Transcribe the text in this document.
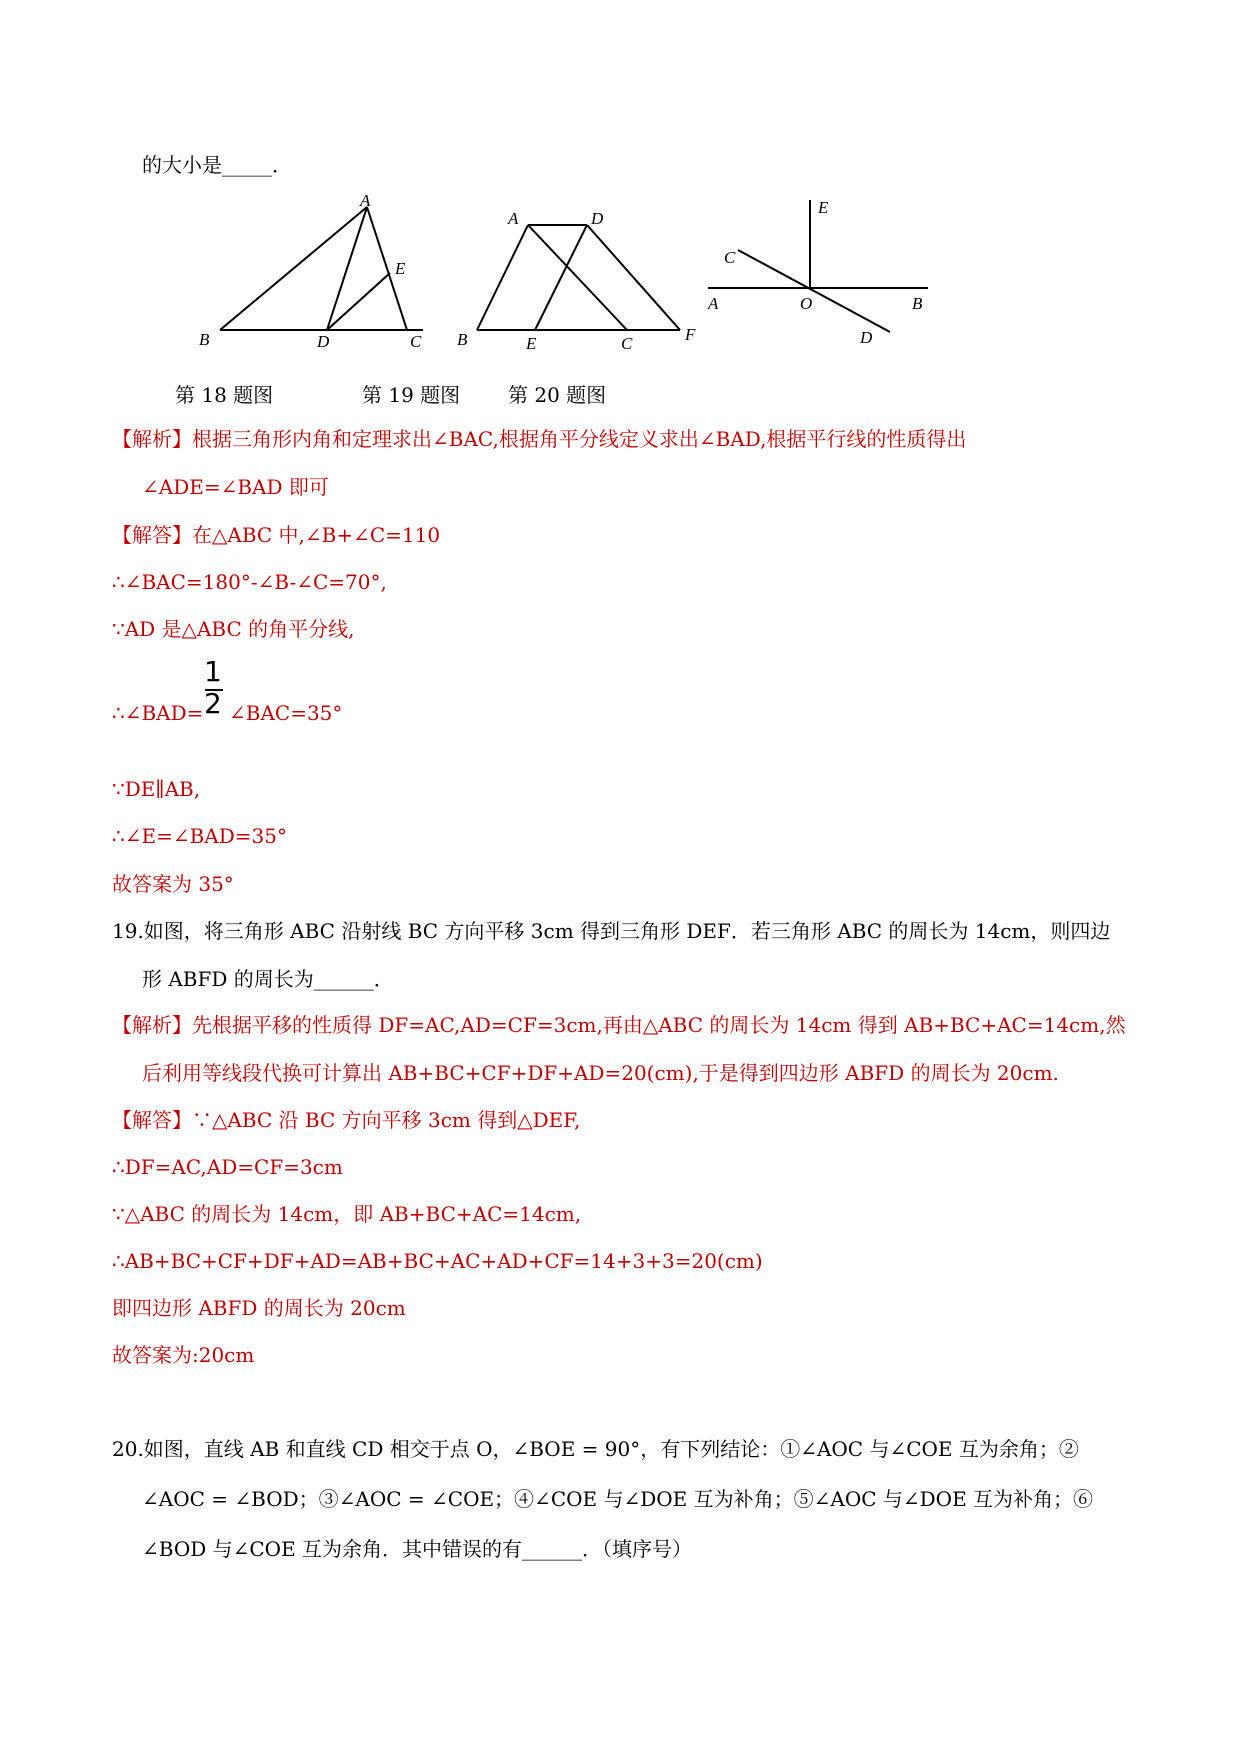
的大小是_____．
A
B	C
D
E
A	D
B	E	C	F
E
C
A	O	B
D
第 18 题图	第 19 题图 第 20 题图
【解析】根据三角形内角和定理求出∠BAC,根据角平分线定义求出∠BAD,根据平行线的性质得出
∠ADE=∠BAD 即可
【解答】在△ABC 中,∠B+∠C=110
∴∠BAC=180°-∠B-∠C=70°,
∵AD 是△ABC 的角平分线,
1
2
∴∠BAD= ∠BAC=35°
∵DE∥AB,
∴∠E=∠BAD=35°
故答案为 35°
19.如图，将三角形 ABC 沿射线 BC 方向平移 3cm 得到三角形 DEF．若三角形 ABC 的周长为 14cm，则四边
形 ABFD 的周长为______．
【解析】先根据平移的性质得 DF=AC,AD=CF=3cm,再由△ABC 的周长为 14cm 得到 AB+BC+AC=14cm,然
后利用等线段代换可计算出 AB+BC+CF+DF+AD=20(cm),于是得到四边形 ABFD 的周长为 20cm.
【解答】∵△ABC 沿 BC 方向平移 3cm 得到△DEF,
∴DF=AC,AD=CF=3cm
∵△ABC 的周长为 14cm，即 AB+BC+AC=14cm,
∴AB+BC+CF+DF+AD=AB+BC+AC+AD+CF=14+3+3=20(cm)
即四边形 ABFD 的周长为 20cm
故答案为:20cm
20.如图，直线 AB 和直线 CD 相交于点 O，∠BOE = 90°，有下列结论：①∠AOC 与∠COE 互为余角；②
∠AOC = ∠BOD；③∠AOC = ∠COE；④∠COE 与∠DOE 互为补角；⑤∠AOC 与∠DOE 互为补角；⑥
∠BOD 与∠COE 互为余角．其中错误的有______．（填序号）
